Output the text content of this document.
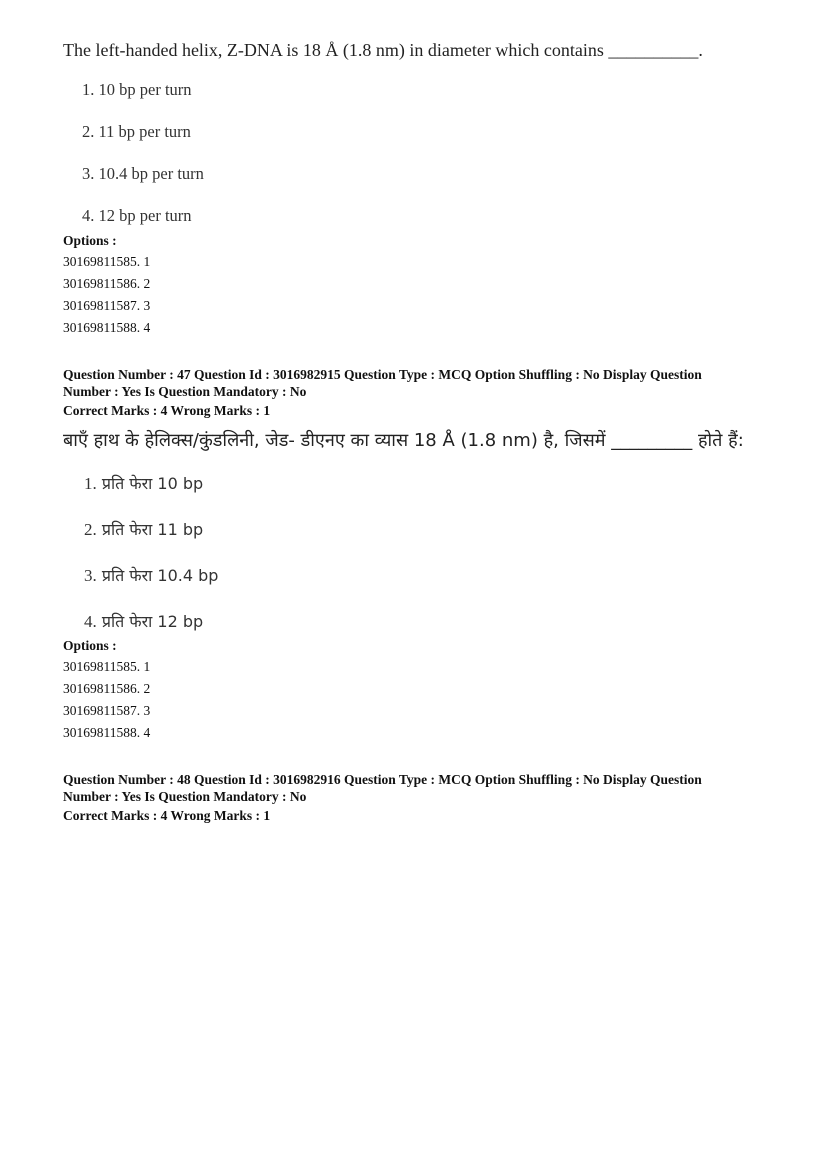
The left-handed helix, Z-DNA is 18 Å (1.8 nm) in diameter which contains __________.
1. 10 bp per turn
2. 11 bp per turn
3. 10.4 bp per turn
4. 12 bp per turn
Options :
30169811585. 1
30169811586. 2
30169811587. 3
30169811588. 4
Question Number : 47 Question Id : 3016982915 Question Type : MCQ Option Shuffling : No Display Question
Number : Yes Is Question Mandatory : No
Correct Marks : 4 Wrong Marks : 1
बाएँ हाथ के हेलिक्स/कुंडलिनी, जेड- डीएनए का व्यास 18 Å (1.8 nm) है, जिसमें _________ होते हैं:
1. प्रति फेरा 10 bp
2. प्रति फेरा 11 bp
3. प्रति फेरा 10.4 bp
4. प्रति फेरा 12 bp
Options :
30169811585. 1
30169811586. 2
30169811587. 3
30169811588. 4
Question Number : 48 Question Id : 3016982916 Question Type : MCQ Option Shuffling : No Display Question
Number : Yes Is Question Mandatory : No
Correct Marks : 4 Wrong Marks : 1
